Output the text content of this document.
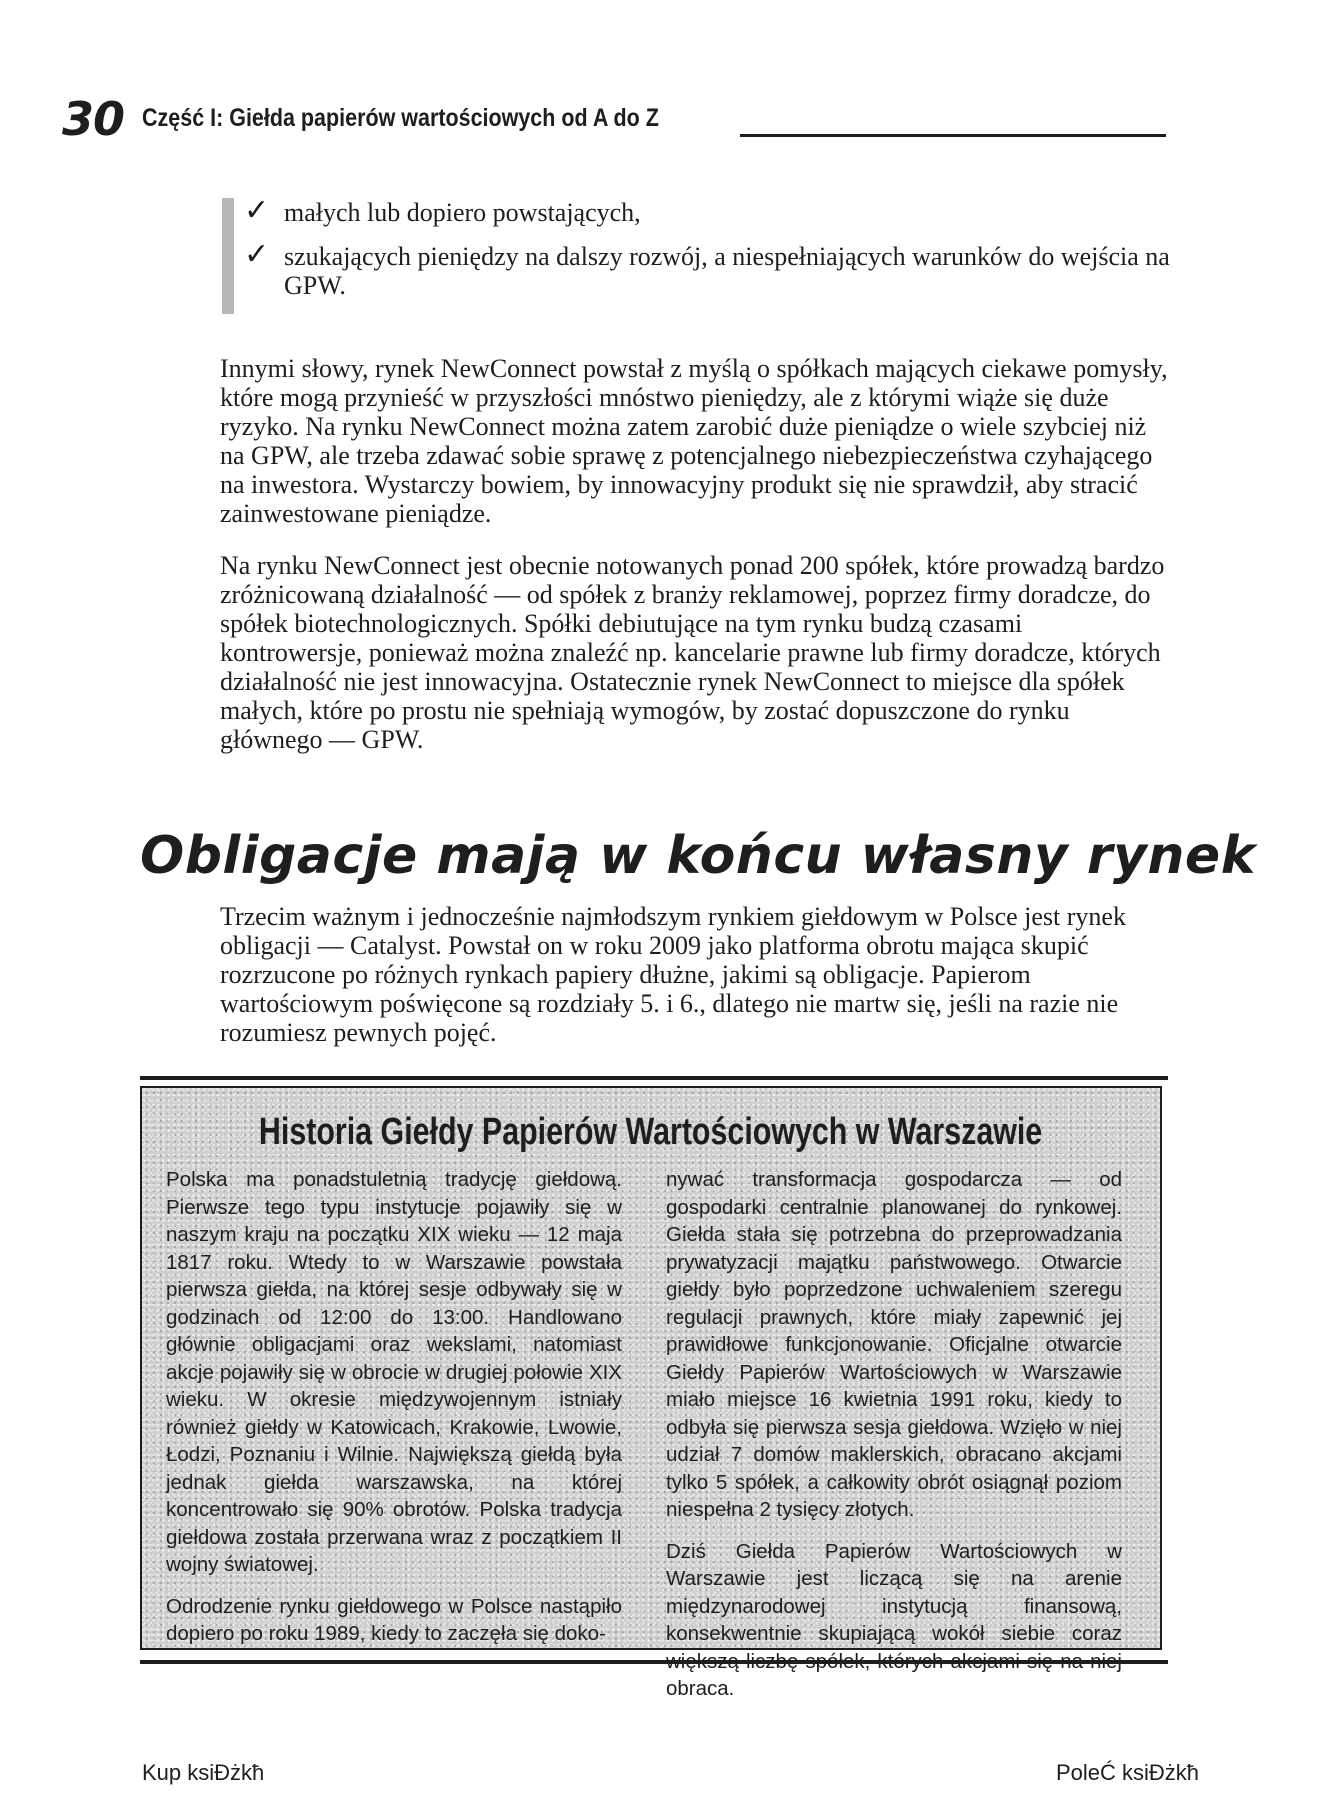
30 Część I: Giełda papierów wartościowych od A do Z
✓ małych lub dopiero powstających,
✓ szukających pieniędzy na dalszy rozwój, a niespełniających warunków do wejścia na GPW.

Innymi słowy, rynek NewConnect powstał z myślą o spółkach mających ciekawe pomysły, które mogą przynieść w przyszłości mnóstwo pieniędzy, ale z którymi wiąże się duże ryzyko. Na rynku NewConnect można zatem zarobić duże pieniądze o wiele szybciej niż na GPW, ale trzeba zdawać sobie sprawę z potencjalnego niebezpieczeństwa czyhającego na inwestora. Wystarczy bowiem, by innowacyjny produkt się nie sprawdził, aby stracić zainwestowane pieniądze.

Na rynku NewConnect jest obecnie notowanych ponad 200 spółek, które prowadzą bardzo zróżnicowaną działalność — od spółek z branży reklamowej, poprzez firmy doradcze, do spółek biotechnologicznych. Spółki debiutujące na tym rynku budzą czasami kontrowersje, ponieważ można znaleźć np. kancelarie prawne lub firmy doradcze, których działalność nie jest innowacyjna. Ostatecznie rynek NewConnect to miejsce dla spółek małych, które po prostu nie spełniają wymogów, by zostać dopuszczone do rynku głównego — GPW.

Obligacje mają w końcu własny rynek

Trzecim ważnym i jednocześnie najmłodszym rynkiem giełdowym w Polsce jest rynek obligacji — Catalyst. Powstał on w roku 2009 jako platforma obrotu mająca skupić rozrzucone po różnych rynkach papiery dłużne, jakimi są obligacje. Papierom wartościowym poświęcone są rozdziały 5. i 6., dlatego nie martw się, jeśli na razie nie rozumiesz pewnych pojęć.

Historia Giełdy Papierów Wartościowych w Warszawie

Polska ma ponadstuletnią tradycję giełdową. Pierwsze tego typu instytucje pojawiły się w naszym kraju na początku XIX wieku — 12 maja 1817 roku. Wtedy to w Warszawie powstała pierwsza giełda, na której sesje odbywały się w godzinach od 12:00 do 13:00. Handlowano głównie obligacjami oraz wekslami, natomiast akcje pojawiły się w obrocie w drugiej połowie XIX wieku. W okresie międzywojennym istniały również giełdy w Katowicach, Krakowie, Lwowie, Łodzi, Poznaniu i Wilnie. Największą giełdą była jednak giełda warszawska, na której koncentrowało się 90% obrotów. Polska tradycja giełdowa została przerwana wraz z początkiem II wojny światowej.

Odrodzenie rynku giełdowego w Polsce nastąpiło dopiero po roku 1989, kiedy to zaczęła się doko-

nywać transformacja gospodarcza — od gospodarki centralnie planowanej do rynkowej. Giełda stała się potrzebna do przeprowadzania prywatyzacji majątku państwowego. Otwarcie giełdy było poprzedzone uchwaleniem szeregu regulacji prawnych, które miały zapewnić jej prawidłowe funkcjonowanie. Oficjalne otwarcie Giełdy Papierów Wartościowych w Warszawie miało miejsce 16 kwietnia 1991 roku, kiedy to odbyła się pierwsza sesja giełdowa. Wzięło w niej udział 7 domów maklerskich, obracano akcjami tylko 5 spółek, a całkowity obrót osiągnął poziom niespełna 2 tysięcy złotych.

Dziś Giełda Papierów Wartościowych w Warszawie jest liczącą się na arenie międzynarodowej instytucją finansową, konsekwentnie skupiającą wokół siebie coraz obraca.

Kup ksiĐżkħ	PoleĆ ksiĐżkħ
